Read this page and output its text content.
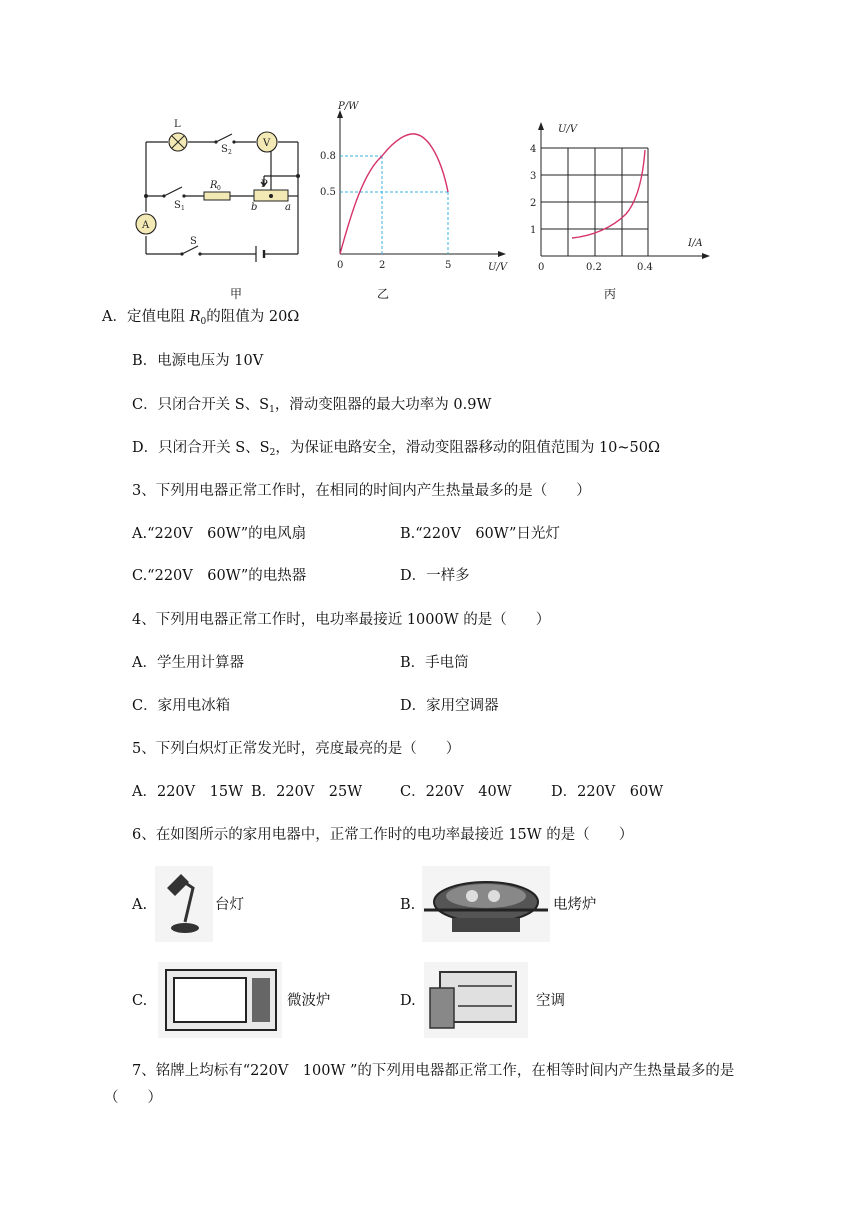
L
S 2
V
R 0	P
S 1	b	a
A
S
甲
P/W
0.8
0.5
0	2	5	U/V
乙
U/V
4
3
2
1
0	0.2	0.4
I/A
丙
A．定值电阻 $R_0$的阻值为 20Ω
B．电源电压为 10V
C．只闭合开关 S、$S_1$，滑动变阻器的最大功率为 0.9W
D．只闭合开关 S、$S_2$，为保证电路安全，滑动变阻器移动的阻值范围为 10~50Ω
3、下列用电器正常工作时，在相同的时间内产生热量最多的是（　　）
A.“220V　60W”的电风扇	B.“220V　60W”日光灯
C.“220V　60W”的电热器	D．一样多
4、下列用电器正常工作时，电功率最接近 1000W 的是（　　）
A．学生用计算器	B．手电筒
C．家用电冰箱	D．家用空调器
5、下列白炽灯正常发光时，亮度最亮的是（　　）
A．220V　15W B．220V　25W	C．220V　40W	D．220V　60W
6、在如图所示的家用电器中，正常工作时的电功率最接近 15W 的是（　　）
A.	台灯	B.	电烤炉
C.	微波炉	D.	空调
7、铭牌上均标有“220V　100W ”的下列用电器都正常工作，在相等时间内产生热量最多的是
（　　）
